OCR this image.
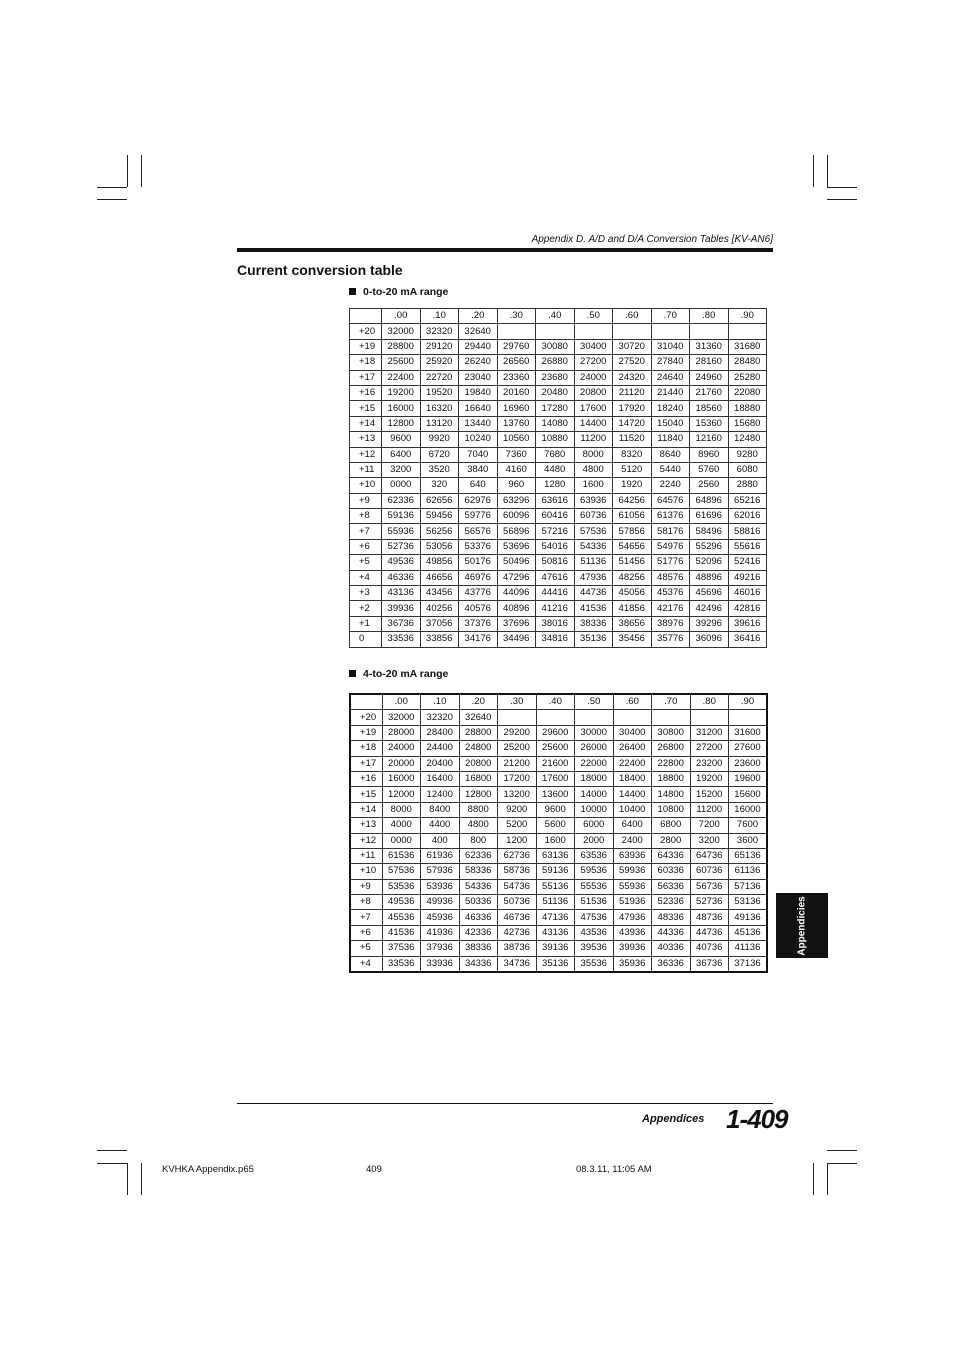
Appendix D. A/D and D/A Conversion Tables [KV-AN6]
Current conversion table
0-to-20 mA range
	.00	.10	.20	.30	.40	.50	.60	.70	.80	.90
+20	32000	32320	32640							
+19	28800	29120	29440	29760	30080	30400	30720	31040	31360	31680
+18	25600	25920	26240	26560	26880	27200	27520	27840	28160	28480
+17	22400	22720	23040	23360	23680	24000	24320	24640	24960	25280
+16	19200	19520	19840	20160	20480	20800	21120	21440	21760	22080
+15	16000	16320	16640	16960	17280	17600	17920	18240	18560	18880
+14	12800	13120	13440	13760	14080	14400	14720	15040	15360	15680
+13	9600	9920	10240	10560	10880	11200	11520	11840	12160	12480
+12	6400	6720	7040	7360	7680	8000	8320	8640	8960	9280
+11	3200	3520	3840	4160	4480	4800	5120	5440	5760	6080
+10	0000	320	640	960	1280	1600	1920	2240	2560	2880
+9	62336	62656	62976	63296	63616	63936	64256	64576	64896	65216
+8	59136	59456	59776	60096	60416	60736	61056	61376	61696	62016
+7	55936	56256	56576	56896	57216	57536	57856	58176	58496	58816
+6	52736	53056	53376	53696	54016	54336	54656	54976	55296	55616
+5	49536	49856	50176	50496	50816	51136	51456	51776	52096	52416
+4	46336	46656	46976	47296	47616	47936	48256	48576	48896	49216
+3	43136	43456	43776	44096	44416	44736	45056	45376	45696	46016
+2	39936	40256	40576	40896	41216	41536	41856	42176	42496	42816
+1	36736	37056	37376	37696	38016	38336	38656	38976	39296	39616
0	33536	33856	34176	34496	34816	35136	35456	35776	36096	36416
4-to-20 mA range
	.00	.10	.20	.30	.40	.50	.60	.70	.80	.90
+20	32000	32320	32640							
+19	28000	28400	28800	29200	29600	30000	30400	30800	31200	31600
+18	24000	24400	24800	25200	25600	26000	26400	26800	27200	27600
+17	20000	20400	20800	21200	21600	22000	22400	22800	23200	23600
+16	16000	16400	16800	17200	17600	18000	18400	18800	19200	19600
+15	12000	12400	12800	13200	13600	14000	14400	14800	15200	15600
+14	8000	8400	8800	9200	9600	10000	10400	10800	11200	16000
+13	4000	4400	4800	5200	5600	6000	6400	6800	7200	7600
+12	0000	400	800	1200	1600	2000	2400	2800	3200	3600
+11	61536	61936	62336	62736	63136	63536	63936	64336	64736	65136
+10	57536	57936	58336	58736	59136	59536	59936	60336	60736	61136
+9	53536	53936	54336	54736	55136	55536	55936	56336	56736	57136
+8	49536	49936	50336	50736	51136	51536	51936	52336	52736	53136
+7	45536	45936	46336	46736	47136	47536	47936	48336	48736	49136
+6	41536	41936	42336	42736	43136	43536	43936	44336	44736	45136
+5	37536	37936	38336	38736	39136	39536	39936	40336	40736	41136
+4	33536	33936	34336	34736	35136	35536	35936	36336	36736	37136
Appendicies
Appendices 1-409
KVHKA Appendix.p65	409	08.3.11, 11:05 AM
